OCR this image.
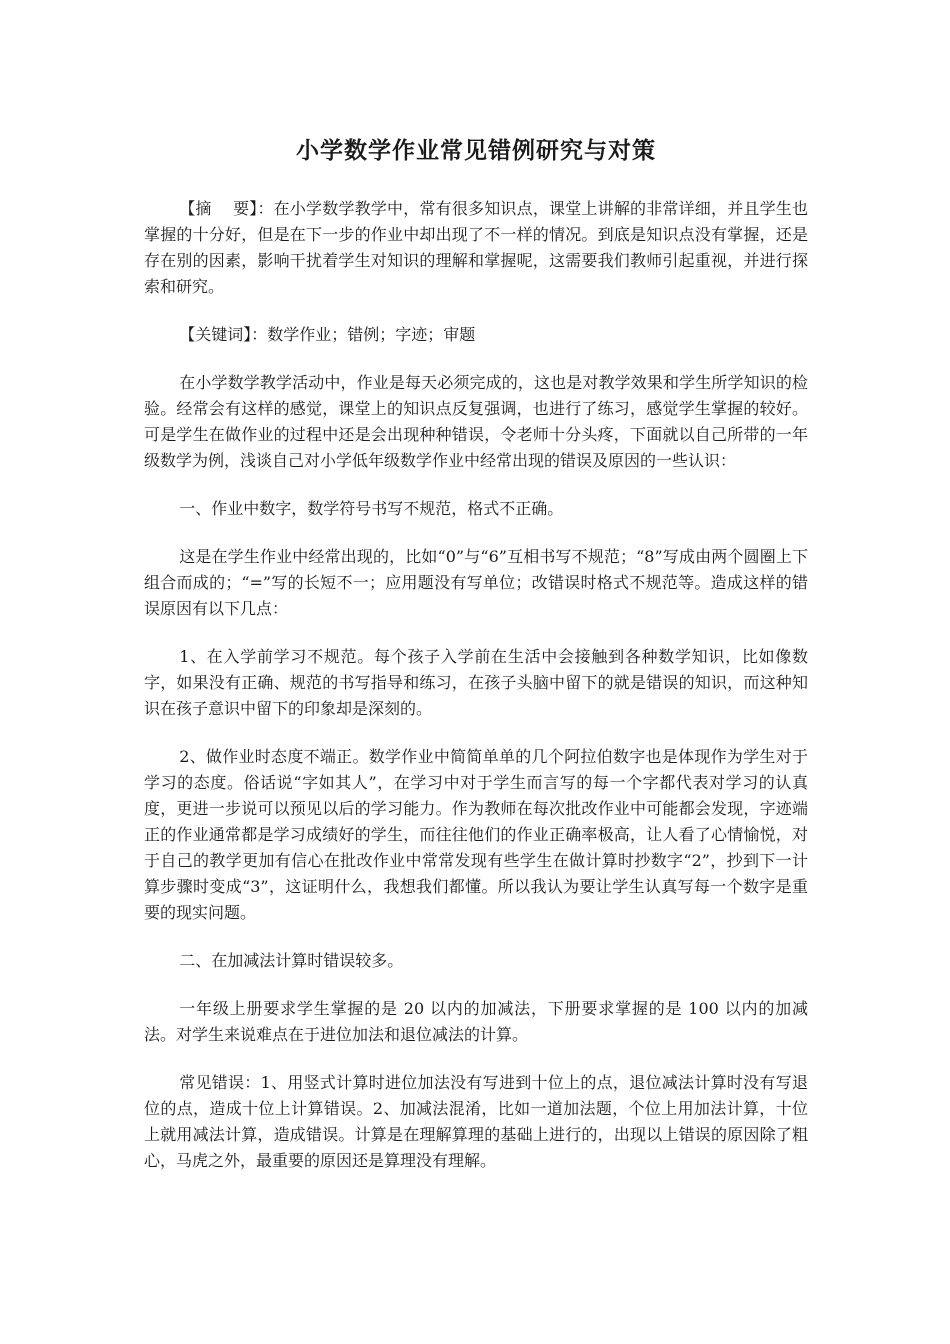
小学数学作业常见错例研究与对策

【摘　 要】：在小学数学教学中，常有很多知识点，课堂上讲解的非常详细，并且学生也掌握的十分好，但是在下一步的作业中却出现了不一样的情况。到底是知识点没有掌握，还是存在别的因素，影响干扰着学生对知识的理解和掌握呢，这需要我们教师引起重视，并进行探索和研究。

【关键词】：数学作业；错例；字迹；审题

在小学数学教学活动中，作业是每天必须完成的，这也是对教学效果和学生所学知识的检验。经常会有这样的感觉，课堂上的知识点反复强调，也进行了练习，感觉学生掌握的较好。可是学生在做作业的过程中还是会出现种种错误，令老师十分头疼，下面就以自己所带的一年级数学为例，浅谈自己对小学低年级数学作业中经常出现的错误及原因的一些认识：

一、作业中数字，数学符号书写不规范，格式不正确。

这是在学生作业中经常出现的，比如“0”与“6”互相书写不规范；“8”写成由两个圆圈上下组合而成的；“=”写的长短不一；应用题没有写单位；改错误时格式不规范等。造成这样的错误原因有以下几点：

1、在入学前学习不规范。每个孩子入学前在生活中会接触到各种数学知识，比如像数字，如果没有正确、规范的书写指导和练习，在孩子头脑中留下的就是错误的知识，而这种知识在孩子意识中留下的印象却是深刻的。

2、做作业时态度不端正。数学作业中简简单单的几个阿拉伯数字也是体现作为学生对于学习的态度。俗话说“字如其人”，在学习中对于学生而言写的每一个字都代表对学习的认真度，更进一步说可以预见以后的学习能力。作为教师在每次批改作业中可能都会发现，字迹端正的作业通常都是学习成绩好的学生，而往往他们的作业正确率极高，让人看了心情愉悦，对于自己的教学更加有信心在批改作业中常常发现有些学生在做计算时抄数字“2”，抄到下一计算步骤时变成“3”，这证明什么，我想我们都懂。所以我认为要让学生认真写每一个数字是重要的现实问题。

二、在加减法计算时错误较多。

一年级上册要求学生掌握的是 20 以内的加减法，下册要求掌握的是 100 以内的加减法。对学生来说难点在于进位加法和退位减法的计算。

常见错误：1、用竖式计算时进位加法没有写进到十位上的点，退位减法计算时没有写退位的点，造成十位上计算错误。2、加减法混淆，比如一道加法题，个位上用加法计算，十位上就用减法计算，造成错误。计算是在理解算理的基础上进行的，出现以上错误的原因除了粗心，马虎之外，最重要的原因还是算理没有理解。
